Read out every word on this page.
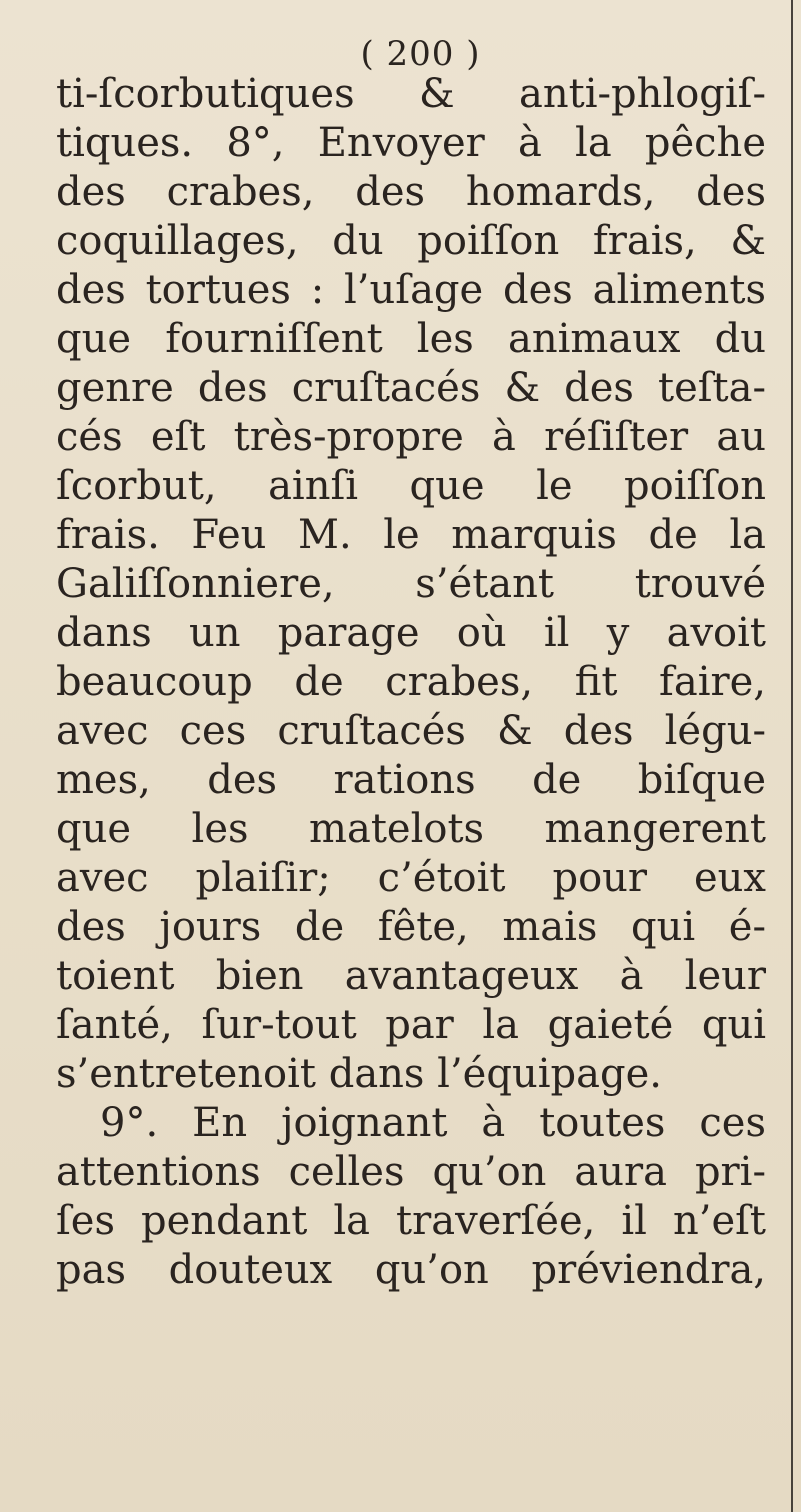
( 200 )
ti-ſcorbutiques & anti-phlogiſ-
tiques. 8°, Envoyer à la pêche
des crabes, des homards, des
coquillages, du poiſſon frais, &
des tortues : l’uſage des aliments
que fourniſſent les animaux du
genre des cruſtacés & des teſta-
cés eſt très-propre à réſiſter au
ſcorbut, ainſi que le poiſſon
frais. Feu M. le marquis de la
Galiſſonniere, s’étant trouvé
dans un parage où il y avoit
beaucoup de crabes, fit faire,
avec ces cruſtacés & des légu-
mes, des rations de biſque
que les matelots mangerent
avec plaiſir; c’étoit pour eux
des jours de fête, mais qui é-
toient bien avantageux à leur
ſanté, ſur-tout par la gaieté qui
s’entretenoit dans l’équipage.
9°. En joignant à toutes ces
attentions celles qu’on aura pri-
ſes pendant la traverſée, il n’eſt
pas douteux qu’on préviendra,
